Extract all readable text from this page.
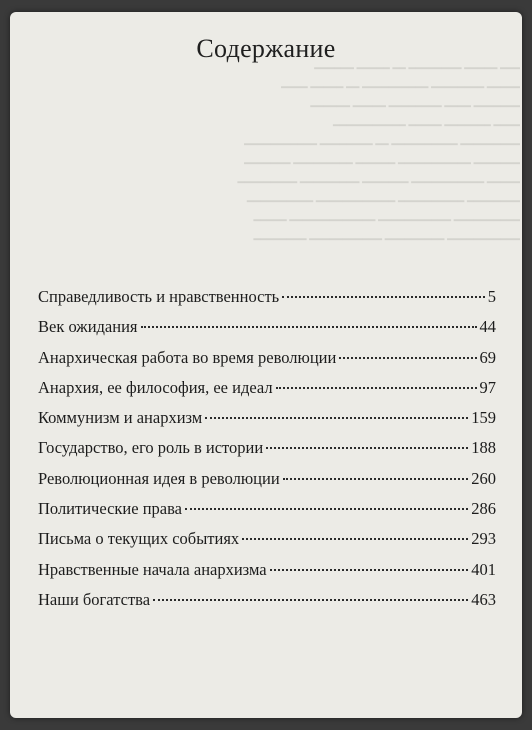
━━━ ━━━━━ ━━━━━━━━ ━━ ━━━━━ ━━━━━━
━━━━━ ━━━━━━━━ ━━━━━━━━━━ ━━ ━━━━━ ━━━━
━━━━━━━ ━━━━ ━━━━━━━━ ━━━━━ ━━━━━━
━━━━ ━━━━━━━ ━━━━━ ━━━━━━━━━━━
━━━━━━━━━ ━━━━━━━━━━ ━━ ━━━━━━━━ ━━━━━━━━━━━
━━━━━━━ ━━━━━━━━━━━ ━━━━━━ ━━━━━━━━━ ━━━━━━━
━━━━━ ━━━━━━━━━━━ ━━━━━━━ ━━━━━━━━━ ━━━━━━━━━
━━━━━━━━ ━━━━━━━━━━ ━━━━━━━━━━━━ ━━━━━━━━━━
━━━━━━━━━━ ━━━━━━━━━━━ ━━━━━━━━━━━━━ ━━━━━
━━━━━━━━━━━ ━━━━━━━━━ ━━━━━━━━━━━ ━━━━━━━━
Содержание
Справедливость и нравственность	5
Век ожидания	44
Анархическая работа во время революции	69
Анархия, ее философия, ее идеал	97
Коммунизм и анархизм	159
Государство, его роль в истории	188
Революционная идея в революции	260
Политические права	286
Письма о текущих событиях	293
Нравственные начала анархизма	401
Наши богатства	463
